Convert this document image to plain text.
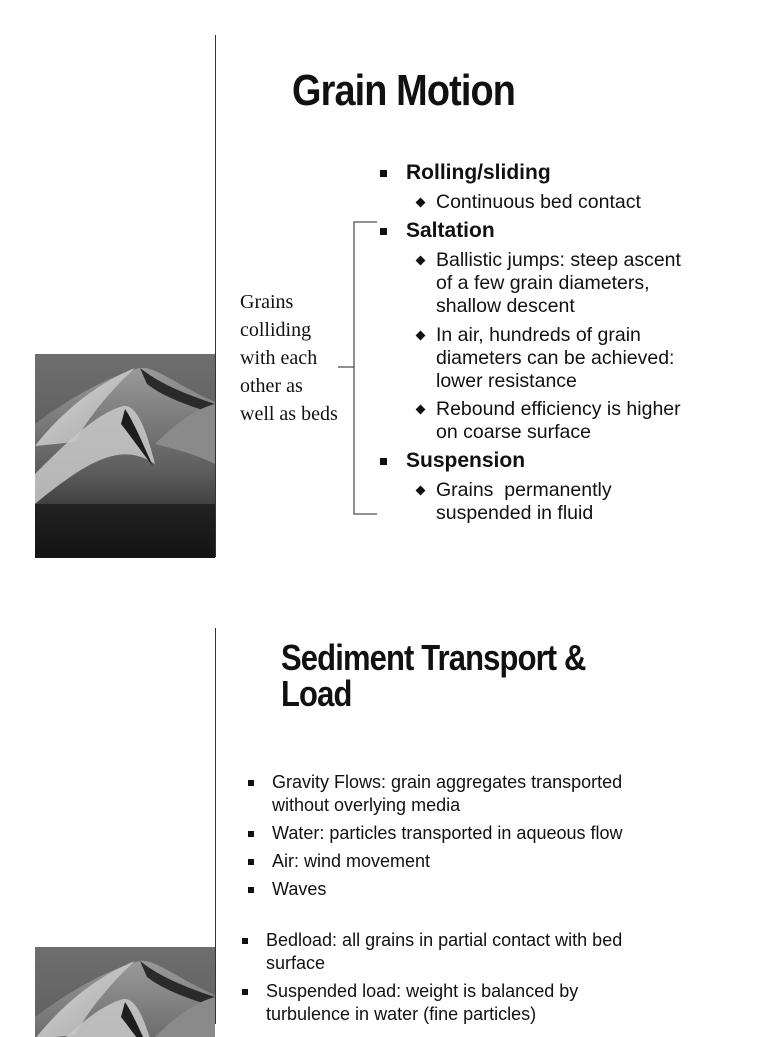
Grain Motion
Grains colliding with each other as well as beds
Rolling/sliding
Continuous bed contact
Saltation
Ballistic jumps: steep ascent of a few grain diameters, shallow descent
In air, hundreds of grain diameters can be achieved: lower resistance
Rebound efficiency is higher on coarse surface
Suspension
Grains  permanently suspended in fluid
Sediment Transport & Load
Gravity Flows: grain aggregates transported without overlying media
Water: particles transported in aqueous flow
Air: wind movement
Waves
Bedload: all grains in partial contact with bed surface
Suspended load: weight is balanced by turbulence in water (fine particles)
